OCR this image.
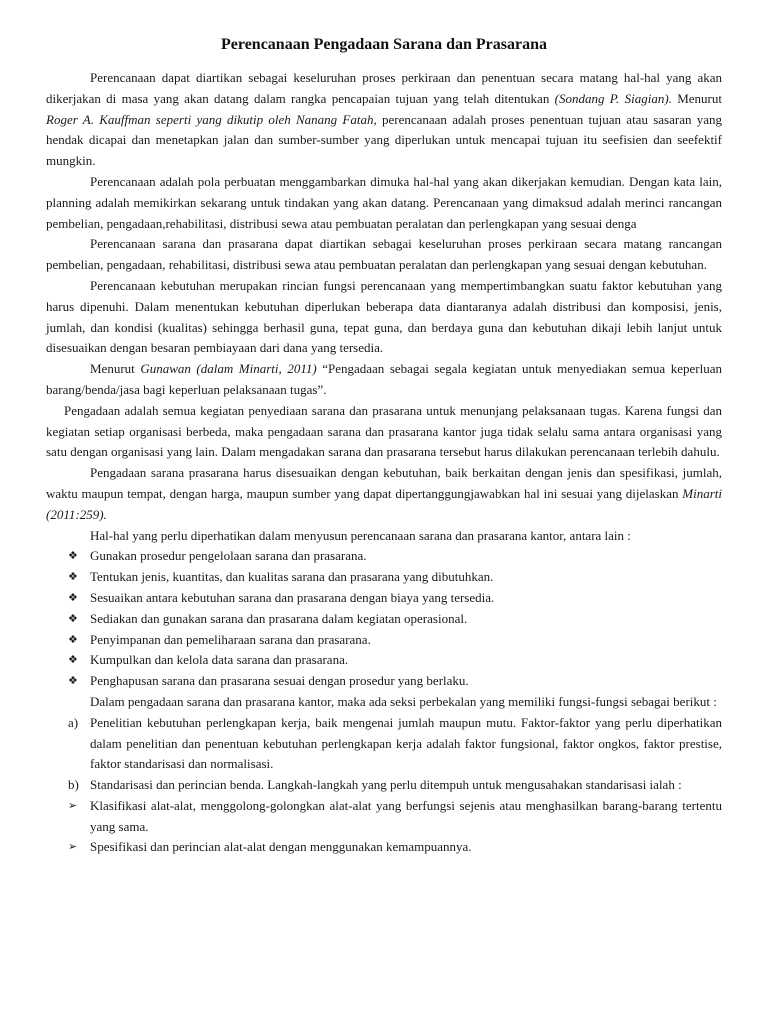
Perencanaan Pengadaan Sarana dan Prasarana

Perencanaan dapat diartikan sebagai keseluruhan proses perkiraan dan penentuan secara matang hal-hal yang akan dikerjakan di masa yang akan datang dalam rangka pencapaian tujuan yang telah ditentukan (Sondang P. Siagian). Menurut Roger A. Kauffman seperti yang dikutip oleh Nanang Fatah, perencanaan adalah proses penentuan tujuan atau sasaran yang hendak dicapai dan menetapkan jalan dan sumber-sumber yang diperlukan untuk mencapai tujuan itu seefisien dan seefektif mungkin.

Perencanaan adalah pola perbuatan menggambarkan dimuka hal-hal yang akan dikerjakan kemudian. Dengan kata lain, planning adalah memikirkan sekarang untuk tindakan yang akan datang. Perencanaan yang dimaksud adalah merinci rancangan pembelian, pengadaan,rehabilitasi, distribusi sewa atau pembuatan peralatan dan perlengkapan yang sesuai denga

Perencanaan sarana dan prasarana dapat diartikan sebagai keseluruhan proses perkiraan secara matang rancangan pembelian, pengadaan, rehabilitasi, distribusi sewa atau pembuatan peralatan dan perlengkapan yang sesuai dengan kebutuhan.

Perencanaan kebutuhan merupakan rincian fungsi perencanaan yang mempertimbangkan suatu faktor kebutuhan yang harus dipenuhi. Dalam menentukan kebutuhan diperlukan beberapa data diantaranya adalah distribusi dan komposisi, jenis, jumlah, dan kondisi (kualitas) sehingga berhasil guna, tepat guna, dan berdaya guna dan kebutuhan dikaji lebih lanjut untuk disesuaikan dengan besaran pembiayaan dari dana yang tersedia.

Menurut Gunawan (dalam Minarti, 2011) “Pengadaan sebagai segala kegiatan untuk menyediakan semua keperluan barang/benda/jasa bagi keperluan pelaksanaan tugas”.

Pengadaan adalah semua kegiatan penyediaan sarana dan prasarana untuk menunjang pelaksanaan tugas. Karena fungsi dan kegiatan setiap organisasi berbeda, maka pengadaan sarana dan prasarana kantor juga tidak selalu sama antara organisasi yang satu dengan organisasi yang lain. Dalam mengadakan sarana dan prasarana tersebut harus dilakukan perencanaan terlebih dahulu.

Pengadaan sarana prasarana harus disesuaikan dengan kebutuhan, baik berkaitan dengan jenis dan spesifikasi, jumlah, waktu maupun tempat, dengan harga, maupun sumber yang dapat dipertanggungjawabkan hal ini sesuai yang dijelaskan Minarti (2011:259).

Hal-hal yang perlu diperhatikan dalam menyusun perencanaan sarana dan prasarana kantor, antara lain :

❖ Gunakan prosedur pengelolaan sarana dan prasarana.
❖ Tentukan jenis, kuantitas, dan kualitas sarana dan prasarana yang dibutuhkan.
❖ Sesuaikan antara kebutuhan sarana dan prasarana dengan biaya yang tersedia.
❖ Sediakan dan gunakan sarana dan prasarana dalam kegiatan operasional.
❖ Penyimpanan dan pemeliharaan sarana dan prasarana.
❖ Kumpulkan dan kelola data sarana dan prasarana.
❖ Penghapusan sarana dan prasarana sesuai dengan prosedur yang berlaku.

Dalam pengadaan sarana dan prasarana kantor, maka ada seksi perbekalan yang memiliki fungsi-fungsi sebagai berikut :

a) Penelitian kebutuhan perlengkapan kerja, baik mengenai jumlah maupun mutu. Faktor-faktor yang perlu diperhatikan dalam penelitian dan penentuan kebutuhan perlengkapan kerja adalah faktor fungsional, faktor ongkos, faktor prestise, faktor standarisasi dan normalisasi.
b) Standarisasi dan perincian benda. Langkah-langkah yang perlu ditempuh untuk mengusahakan standarisasi ialah :
➢ Klasifikasi alat-alat, menggolong-golongkan alat-alat yang berfungsi sejenis atau menghasilkan barang-barang tertentu yang sama.
➢ Spesifikasi dan perincian alat-alat dengan menggunakan kemampuannya.
